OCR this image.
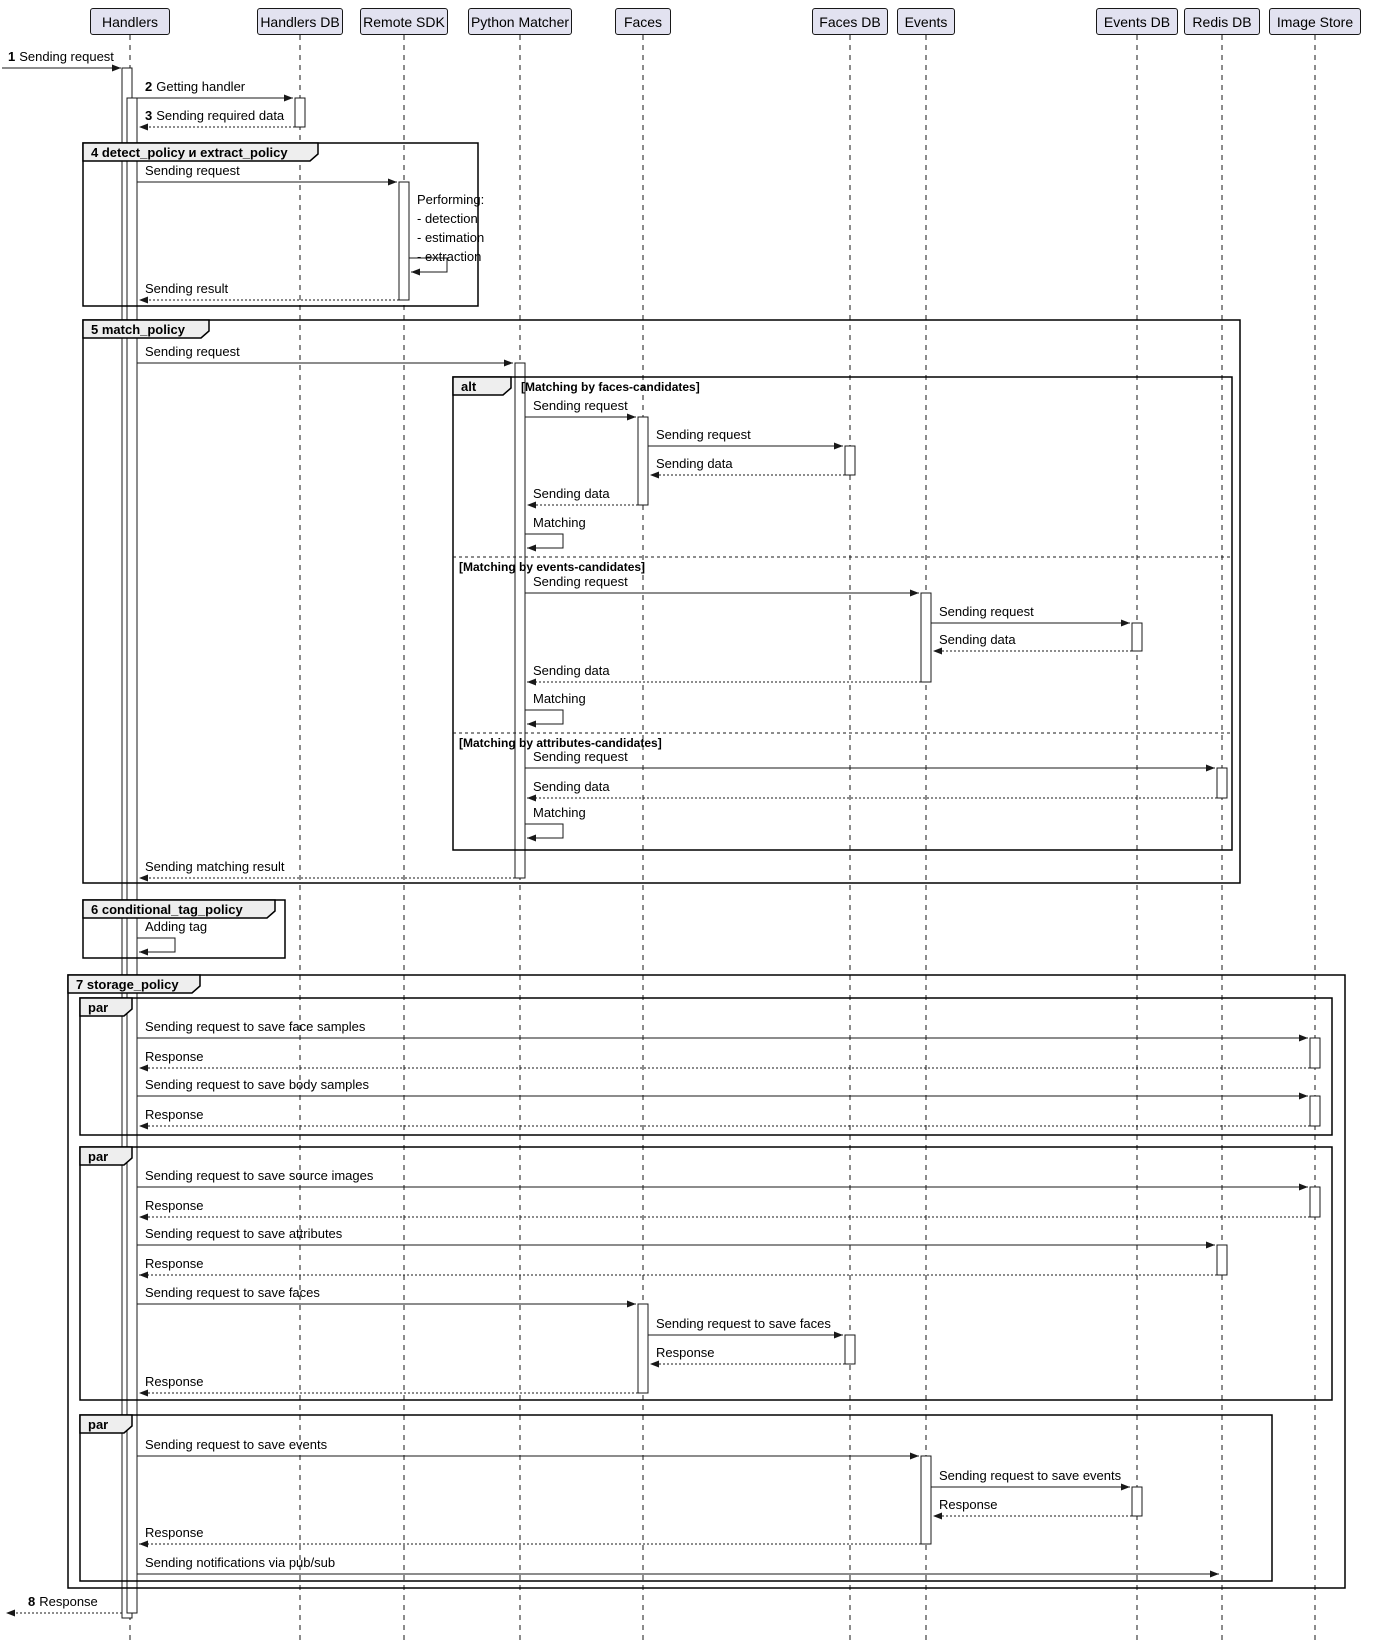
4 detect_policy и extract_policy
5 match_policy
alt	[Matching by faces-candidates]
[Matching by events-candidates]
[Matching by attributes-candidates]
6 conditional_tag_policy
7 storage_policy
par
par
par
Performing:
- detection
- estimation
- extraction
1 Sending request
2 Getting handler
3 Sending required data
Sending request
Sending result
Sending request
Sending request
Sending request
Sending data
Sending data
Matching
Sending request
Sending request
Sending data
Sending data
Matching
Sending request
Sending data
Matching
Sending matching result
Adding tag
Sending request to save face samples
Response
Sending request to save body samples
Response
Sending request to save source images
Response
Sending request to save attributes
Response
Sending request to save faces
Sending request to save faces
Response
Response
Sending request to save events
Sending request to save events
Response
Response
Sending notifications via pub/sub
8 Response
Handlers	Handlers DB Remote SDK Python Matcher	Faces	Faces DB	Events	Events DB	Redis DB	Image Store
